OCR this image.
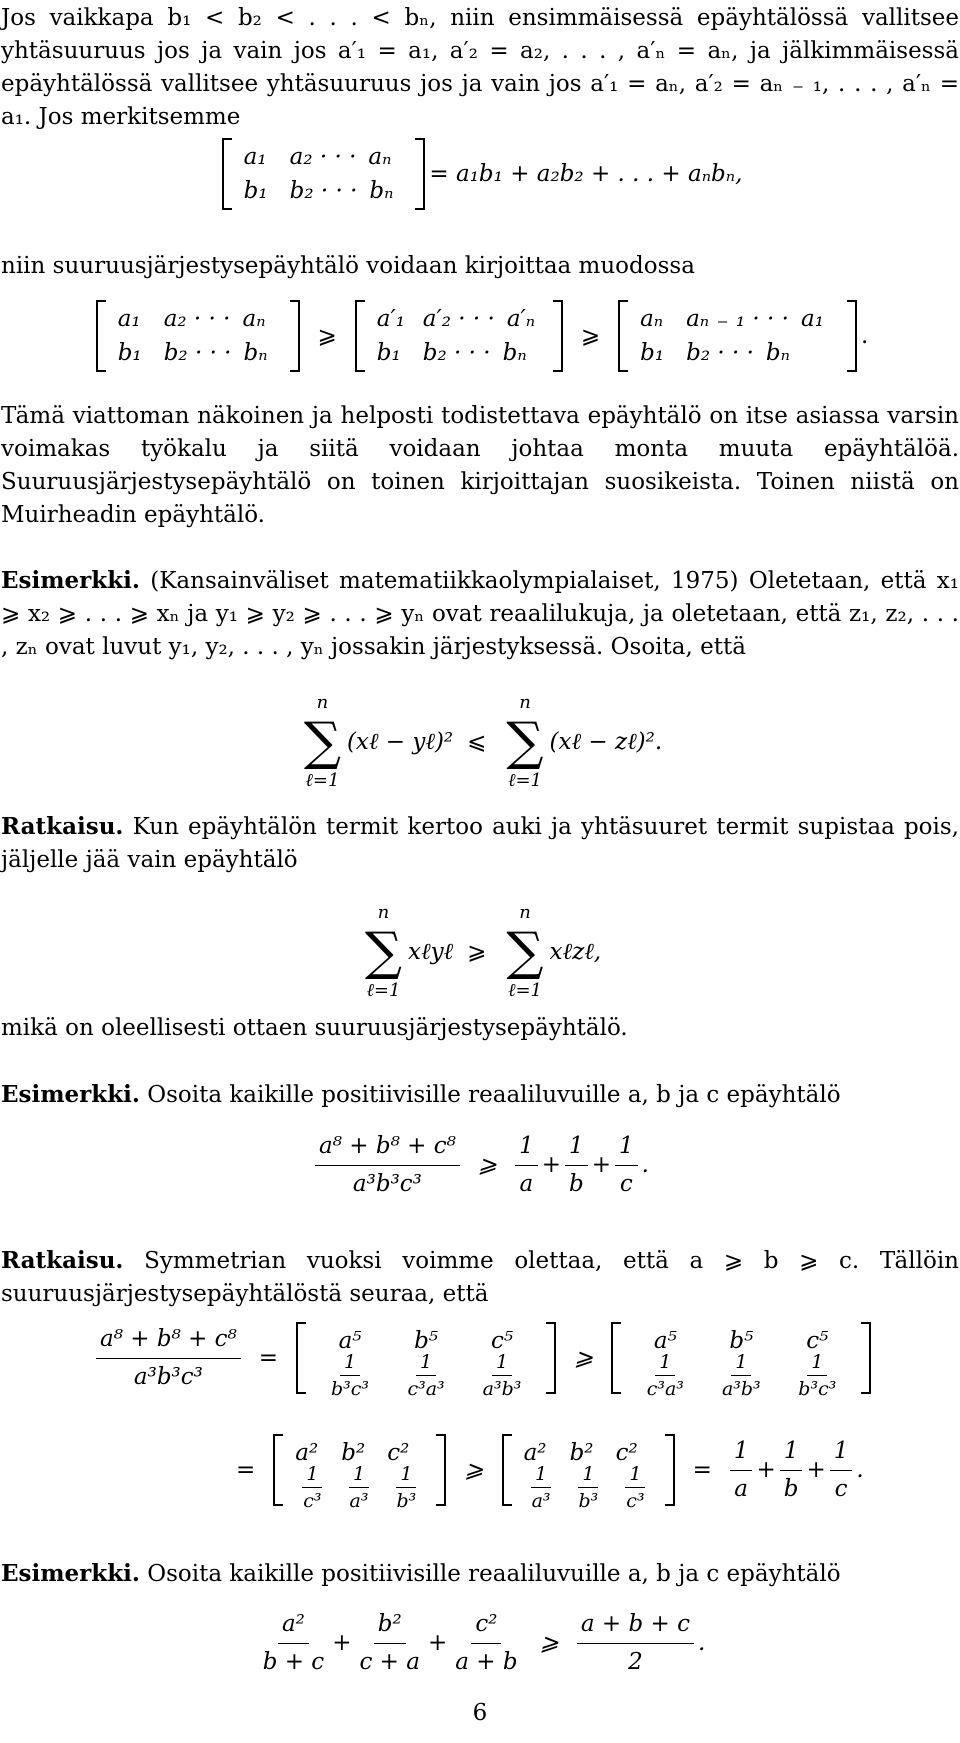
Jos vaikkapa b₁ < b₂ < . . . < bₙ, niin ensimmäisessä epäyhtälössä vallitsee yhtäsuuruus jos ja vain jos a′₁ = a₁, a′₂ = a₂, . . . , a′ₙ = aₙ, ja jälkimmäisessä epäyhtälössä vallitsee yhtäsuuruus jos ja vain jos a′₁ = aₙ, a′₂ = aₙ ₋ ₁, . . . , a′ₙ = a₁. Jos merkitsemme

a₁	a₂ · · · aₙ
b₁ b₂ · · · bₙ
= a₁b₁ + a₂b₂ + . . . + aₙbₙ,

niin suuruusjärjestysepäyhtälö voidaan kirjoittaa muodossa

a₁	a₂ · · · aₙ
b₁ b₂ · · · bₙ
⩾
a′₁ a′₂ · · · a′ₙ
b₁ b₂ · · · bₙ
⩾
aₙ aₙ ₋ ₁ · · · a₁
b₁ b₂ · · · bₙ
.

Tämä viattoman näkoinen ja helposti todistettava epäyhtälö on itse asiassa varsin voimakas työkalu ja siitä voidaan johtaa monta muuta epäyhtälöä. Suuruusjärjestysepäyhtälö on toinen kirjoittajan suosikeista. Toinen niistä on Muirheadin epäyhtälö.

Esimerkki. (Kansainväliset matematiikkaolympialaiset, 1975) Oletetaan, että x₁ ⩾ x₂ ⩾ . . . ⩾ xₙ ja y₁ ⩾ y₂ ⩾ . . . ⩾ yₙ ovat reaalilukuja, ja oletetaan, että z₁, z₂, . . . , zₙ ovat luvut y₁, y₂, . . . , yₙ jossakin järjestyksessä. Osoita, että

n
∑
ℓ=1
(xℓ − yℓ)² ⩽
n
∑
ℓ=1
(xℓ − zℓ)².

Ratkaisu. Kun epäyhtälön termit kertoo auki ja yhtäsuuret termit supistaa pois, jäljelle jää vain epäyhtälö

n
∑
ℓ=1
xℓyℓ ⩾
n
∑
ℓ=1
xℓzℓ,

mikä on oleellisesti ottaen suuruusjärjestysepäyhtälö.

Esimerkki. Osoita kaikille positiivisille reaaliluvuille a, b ja c epäyhtälö

$\frac{\text{a⁸ + b⁸ + c⁸}}{\text{a³b³c³}}$ ⩾ $\frac{1}{a} + \frac{1}{b} + \frac{1}{c}$ .

Ratkaisu. Symmetrian vuoksi voimme olettaa, että a ⩾ b ⩾ c. Tällöin suuruusjärjestysepäyhtälöstä seuraa, että

$\frac{\text{a⁸ + b⁸ + c⁸}}{\text{a³b³c³}}$ =
a⁵	b⁵	c⁵
$\frac{1}{\text{b³c³}} \frac{1}{\text{c³a³}} \frac{1}{\text{a³b³}}$ ⩾
a⁵	b⁵	c⁵
$\frac{1}{\text{c³a³}} \frac{1}{\text{a³b³}} \frac{1}{\text{b³c³}}$
=
a²	b² c²
$\frac{1}{\text{c³}} \frac{1}{\text{a³}} \frac{1}{\text{b³}}$ ⩾
a²	b² c²
$\frac{1}{\text{a³}} \frac{1}{\text{b³}} \frac{1}{\text{c³}} = \frac{1}{a} + \frac{1}{b} + \frac{1}{c}$ .

Esimerkki. Osoita kaikille positiivisille reaaliluvuille a, b ja c epäyhtälö

$\frac{\text{a²}}{b + c} + \frac{\text{b²}}{c + a} + \frac{\text{c²}}{a + b}$ ⩾ $\frac{a + b + c}{2}$ .
6
